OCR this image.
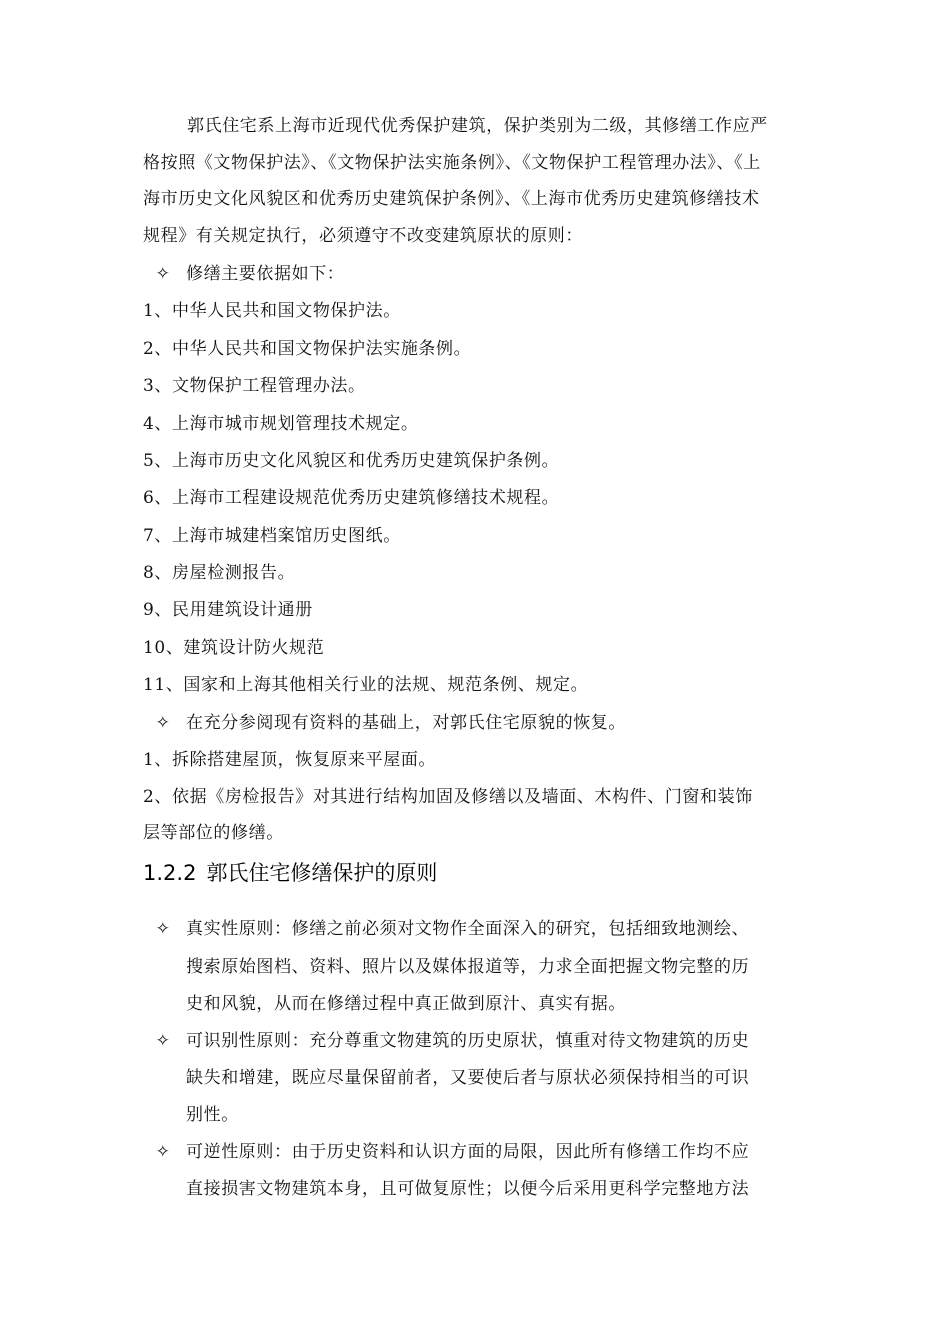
郭氏住宅系上海市近现代优秀保护建筑，保护类别为二级，其修缮工作应严
格按照《文物保护法》、《文物保护法实施条例》、《文物保护工程管理办法》、《上
海市历史文化风貌区和优秀历史建筑保护条例》、《上海市优秀历史建筑修缮技术
规程》有关规定执行，必须遵守不改变建筑原状的原则：
✧ 修缮主要依据如下：
1、中华人民共和国文物保护法。
2、中华人民共和国文物保护法实施条例。
3、文物保护工程管理办法。
4、上海市城市规划管理技术规定。
5、上海市历史文化风貌区和优秀历史建筑保护条例。
6、上海市工程建设规范优秀历史建筑修缮技术规程。
7、上海市城建档案馆历史图纸。
8、房屋检测报告。
9、民用建筑设计通册
10、建筑设计防火规范
11、国家和上海其他相关行业的法规、规范条例、规定。
✧ 在充分参阅现有资料的基础上，对郭氏住宅原貌的恢复。
1、拆除搭建屋顶，恢复原来平屋面。
2、依据《房检报告》对其进行结构加固及修缮以及墙面、木构件、门窗和装饰
层等部位的修缮。
1.2.2 郭氏住宅修缮保护的原则
✧ 真实性原则：修缮之前必须对文物作全面深入的研究，包括细致地测绘、
搜索原始图档、资料、照片以及媒体报道等，力求全面把握文物完整的历
史和风貌，从而在修缮过程中真正做到原汁、真实有据。
✧ 可识别性原则：充分尊重文物建筑的历史原状，慎重对待文物建筑的历史
缺失和增建，既应尽量保留前者，又要使后者与原状必须保持相当的可识
别性。
✧ 可逆性原则：由于历史资料和认识方面的局限，因此所有修缮工作均不应
直接损害文物建筑本身，且可做复原性；以便今后采用更科学完整地方法
